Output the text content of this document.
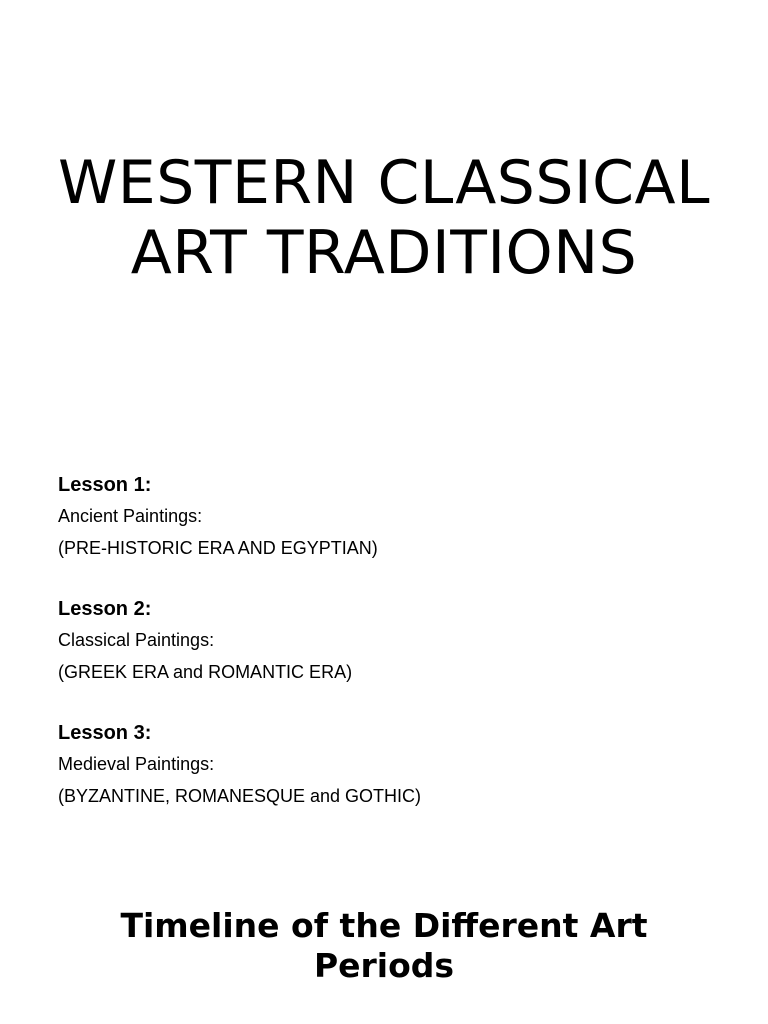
WESTERN CLASSICAL
ART TRADITIONS
Lesson 1:
Ancient Paintings:
(PRE-HISTORIC ERA AND EGYPTIAN)
Lesson 2:
Classical Paintings:
(GREEK ERA and ROMANTIC ERA)
Lesson 3:
Medieval Paintings:
(BYZANTINE, ROMANESQUE and GOTHIC)
Timeline of the Different Art
Periods
